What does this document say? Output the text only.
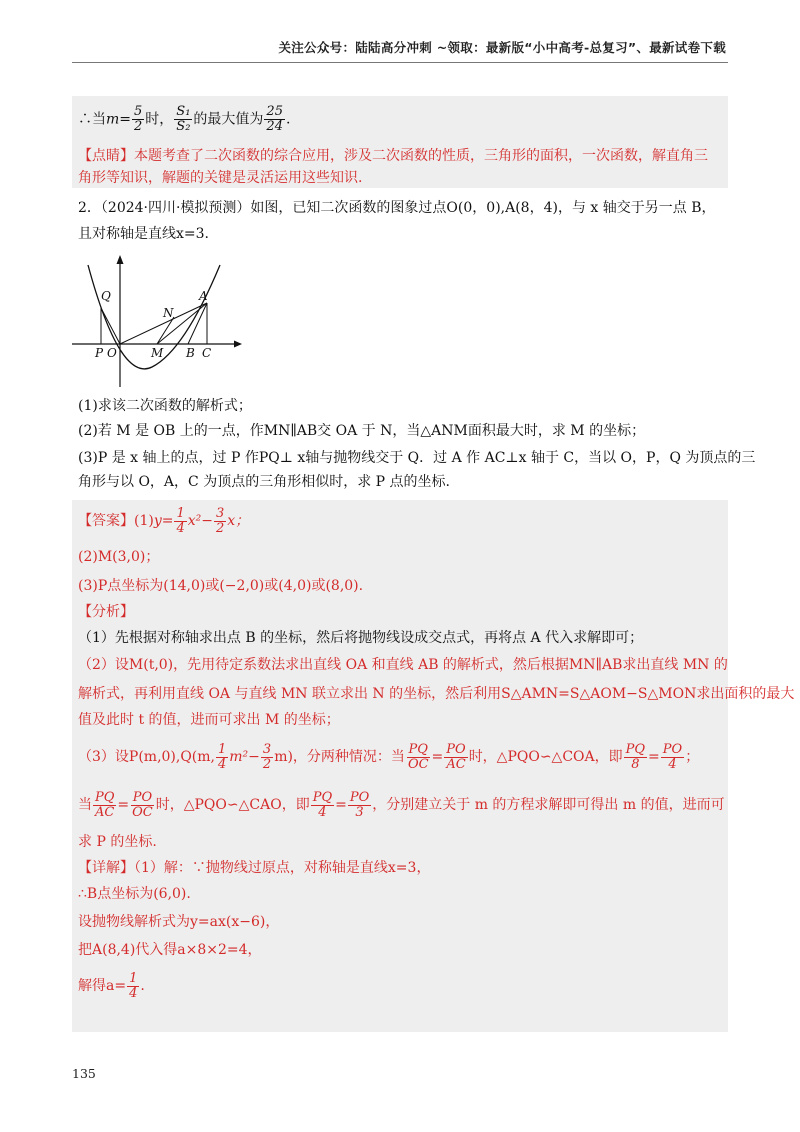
关注公众号：陆陆高分冲刺 ~领取：最新版“小中高考-总复习”、最新试卷下载
∴当$m= \frac{5}{2}$ 时， $\frac{\text{S₁}}{\text{S₂}}$ 的最大值为 $\frac{25}{24}$ .
【点睛】本题考查了二次函数的综合应用，涉及二次函数的性质，三角形的面积，一次函数，解直角三
角形等知识，解题的关键是灵活运用这些知识.
2．（2024·四川·模拟预测）如图，已知二次函数的图象过点O(0，0),A(8，4)，与 x 轴交于另一点 B，
且对称轴是直线x=3.
Q	A
N
P O	M B C
(1)求该二次函数的解析式；
(2)若 M 是 OB 上的一点，作MN∥AB交 OA 于 N，当△ANM面积最大时，求 M 的坐标；
(3)P 是 x 轴上的点，过 P 作PQ⊥ x轴与抛物线交于 Q．过 A 作 AC⊥x 轴于 C，当以 O，P，Q 为顶点的三
角形与以 O，A，C 为顶点的三角形相似时，求 P 点的坐标.
【答案】$(1)y= \frac{1}{4} x^2- \frac{3}{2}$ x；
(2)M(3,0)；
(3)P点坐标为(14,0)或(−2,0)或(4,0)或(8,0).
【分析】
（1）先根据对称轴求出点 B 的坐标，然后将抛物线设成交点式，再将点 A 代入求解即可；
（2）设M(t,0)，先用待定系数法求出直线 OA 和直线 AB 的解析式，然后根据MN∥AB求出直线 MN 的
解析式，再利用直线 OA 与直线 MN 联立求出 N 的坐标，然后利用S△AMN=S△AOM−S△MON求出面积的最大
值及此时 t 的值，进而可求出 M 的坐标；
（3）设P(m,0),Q(m, $\frac{1}{4} m^2- \frac{3}{2} m$)，分两种情况：当 $\frac{PQ}{OC} = \frac{PO}{AC}$ 时，△PQO∽△COA，即 $\frac{PQ}{8} = \frac{PO}{4}$ ；
当 $\frac{PQ}{AC} = \frac{PO}{OC}$ 时，△PQO∽△CAO，即 $\frac{PQ}{4} = \frac{PO}{3}$ ，分别建立关于 m 的方程求解即可得出 m 的值，进而可
求 P 的坐标.
【详解】（1）解：∵抛物线过原点，对称轴是直线x=3，
∴B点坐标为(6,0).
设抛物线解析式为y=ax(x−6)，
把A(8,4)代入得a×8×2=4，
解得$a= \frac{1}{4}$ .
135
